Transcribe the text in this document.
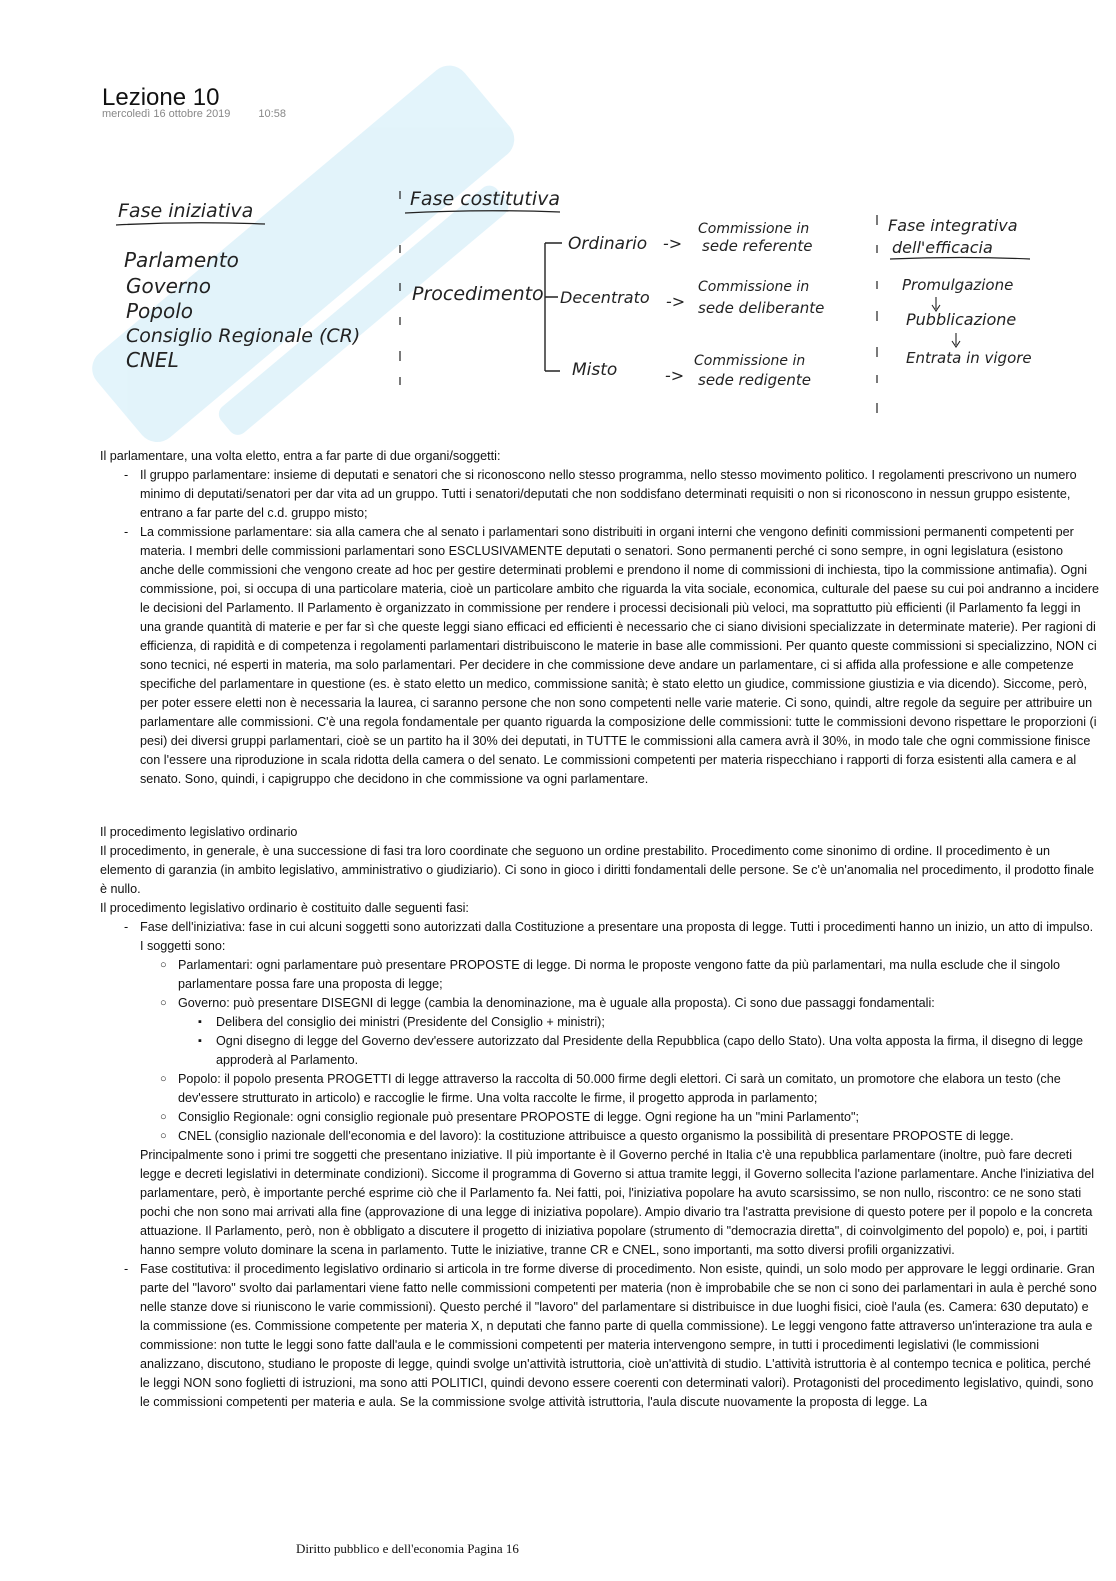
Lezione 10
mercoledì 16 ottobre 2019	10:58
Fase iniziativa
Parlamento
Governo
Popolo
Consiglio Regionale (CR)
CNEL
Fase costitutiva
Procedimento
Ordinario ->
Commissione in
sede referente
Decentrato ->
Commissione in
sede deliberante
Misto	->
Commissione in
sede redigente
Fase integrativa
dell'efficacia
Promulgazione
Pubblicazione
Entrata in vigore

Il parlamentare, una volta eletto, entra a far parte di due organi/soggetti:

- Il gruppo parlamentare: insieme di deputati e senatori che si riconoscono nello stesso programma, nello stesso movimento politico. I regolamenti prescrivono un numero minimo di deputati/senatori per dar vita ad un gruppo. Tutti i senatori/deputati che non soddisfano determinati requisiti o non si riconoscono in nessun gruppo esistente, entrano a far parte del c.d. gruppo misto;
- La commissione parlamentare: sia alla camera che al senato i parlamentari sono distribuiti in organi interni che vengono definiti commissioni permanenti competenti per materia. I membri delle commissioni parlamentari sono ESCLUSIVAMENTE deputati o senatori. Sono permanenti perché ci sono sempre, in ogni legislatura (esistono anche delle commissioni che vengono create ad hoc per gestire determinati problemi e prendono il nome di commissioni di inchiesta, tipo la commissione antimafia). Ogni commissione, poi, si occupa di una particolare materia, cioè un particolare ambito che riguarda la vita sociale, economica, culturale del paese su cui poi andranno a incidere le decisioni del Parlamento. Il Parlamento è organizzato in commissione per rendere i processi decisionali più veloci, ma soprattutto più efficienti (il Parlamento fa leggi in una grande quantità di materie e per far sì che queste leggi siano efficaci ed efficienti è necessario che ci siano divisioni specializzate in determinate materie). Per ragioni di efficienza, di rapidità e di competenza i regolamenti parlamentari distribuiscono le materie in base alle commissioni. Per quanto queste commissioni si specializzino, NON ci sono tecnici, né esperti in materia, ma solo parlamentari. Per decidere in che commissione deve andare un parlamentare, ci si affida alla professione e alle competenze specifiche del parlamentare in questione (es. è stato eletto un medico, commissione sanità; è stato eletto un giudice, commissione giustizia e via dicendo). Siccome, però, per poter essere eletti non è necessaria la laurea, ci saranno persone che non sono competenti nelle varie materie. Ci sono, quindi, altre regole da seguire per attribuire un parlamentare alle commissioni. C'è una regola fondamentale per quanto riguarda la composizione delle commissioni: tutte le commissioni devono rispettare le proporzioni (i pesi) dei diversi gruppi parlamentari, cioè se un partito ha il 30% dei deputati, in TUTTE le commissioni alla camera avrà il 30%, in modo tale che ogni commissione finisce con l'essere una riproduzione in scala ridotta della camera o del senato. Le commissioni competenti per materia rispecchiano i rapporti di forza esistenti alla camera e al senato. Sono, quindi, i capigruppo che decidono in che commissione va ogni parlamentare.

Il procedimento legislativo ordinario

Il procedimento, in generale, è una successione di fasi tra loro coordinate che seguono un ordine prestabilito. Procedimento come sinonimo di ordine. Il procedimento è un elemento di garanzia (in ambito legislativo, amministrativo o giudiziario). Ci sono in gioco i diritti fondamentali delle persone. Se c'è un'anomalia nel procedimento, il prodotto finale è nullo.

Il procedimento legislativo ordinario è costituito dalle seguenti fasi:

- Fase dell'iniziativa: fase in cui alcuni soggetti sono autorizzati dalla Costituzione a presentare una proposta di legge. Tutti i procedimenti hanno un inizio, un atto di impulso. I soggetti sono:
○ Parlamentari: ogni parlamentare può presentare PROPOSTE di legge. Di norma le proposte vengono fatte da più parlamentari, ma nulla esclude che il singolo parlamentare possa fare una proposta di legge;
○ Governo: può presentare DISEGNI di legge (cambia la denominazione, ma è uguale alla proposta). Ci sono due passaggi fondamentali:
▪ Delibera del consiglio dei ministri (Presidente del Consiglio + ministri);
▪ Ogni disegno di legge del Governo dev'essere autorizzato dal Presidente della Repubblica (capo dello Stato). Una volta apposta la firma, il disegno di legge approderà al Parlamento.
○ Popolo: il popolo presenta PROGETTI di legge attraverso la raccolta di 50.000 firme degli elettori. Ci sarà un comitato, un promotore che elabora un testo (che dev'essere strutturato in articolo) e raccoglie le firme. Una volta raccolte le firme, il progetto approda in parlamento;
○ Consiglio Regionale: ogni consiglio regionale può presentare PROPOSTE di legge. Ogni regione ha un "mini Parlamento";
○ CNEL (consiglio nazionale dell'economia e del lavoro): la costituzione attribuisce a questo organismo la possibilità di presentare PROPOSTE di legge.

Principalmente sono i primi tre soggetti che presentano iniziative. Il più importante è il Governo perché in Italia c'è una repubblica parlamentare (inoltre, può fare decreti legge e decreti legislativi in determinate condizioni). Siccome il programma di Governo si attua tramite leggi, il Governo sollecita l'azione parlamentare. Anche l'iniziativa del parlamentare, però, è importante perché esprime ciò che il Parlamento fa. Nei fatti, poi, l'iniziativa popolare ha avuto scarsissimo, se non nullo, riscontro: ce ne sono stati pochi che non sono mai arrivati alla fine (approvazione di una legge di iniziativa popolare). Ampio divario tra l'astratta previsione di questo potere per il popolo e la concreta attuazione. Il Parlamento, però, non è obbligato a discutere il progetto di iniziativa popolare (strumento di "democrazia diretta", di coinvolgimento del popolo) e, poi, i partiti hanno sempre voluto dominare la scena in parlamento. Tutte le iniziative, tranne CR e CNEL, sono importanti, ma sotto diversi profili organizzativi.

- Fase costitutiva: il procedimento legislativo ordinario si articola in tre forme diverse di procedimento. Non esiste, quindi, un solo modo per approvare le leggi ordinarie. Gran parte del "lavoro" svolto dai parlamentari viene fatto nelle commissioni competenti per materia (non è improbabile che se non ci sono dei parlamentari in aula è perché sono nelle stanze dove si riuniscono le varie commissioni). Questo perché il "lavoro" del parlamentare si distribuisce in due luoghi fisici, cioè l'aula (es. Camera: 630 deputato) e la commissione (es. Commissione competente per materia X, n deputati che fanno parte di quella commissione). Le leggi vengono fatte attraverso un'interazione tra aula e commissione: non tutte le leggi sono fatte dall'aula e le commissioni competenti per materia intervengono sempre, in tutti i procedimenti legislativi (le commissioni analizzano, discutono, studiano le proposte di legge, quindi svolge un'attività istruttoria, cioè un'attività di studio. L'attività istruttoria è al contempo tecnica e politica, perché le leggi NON sono foglietti di istruzioni, ma sono atti POLITICI, quindi devono essere coerenti con determinati valori). Protagonisti del procedimento legislativo, quindi, sono le commissioni competenti per materia e aula. Se la commissione svolge attività istruttoria, l'aula discute nuovamente la proposta di legge. La
Diritto pubblico e dell'economia Pagina 16
